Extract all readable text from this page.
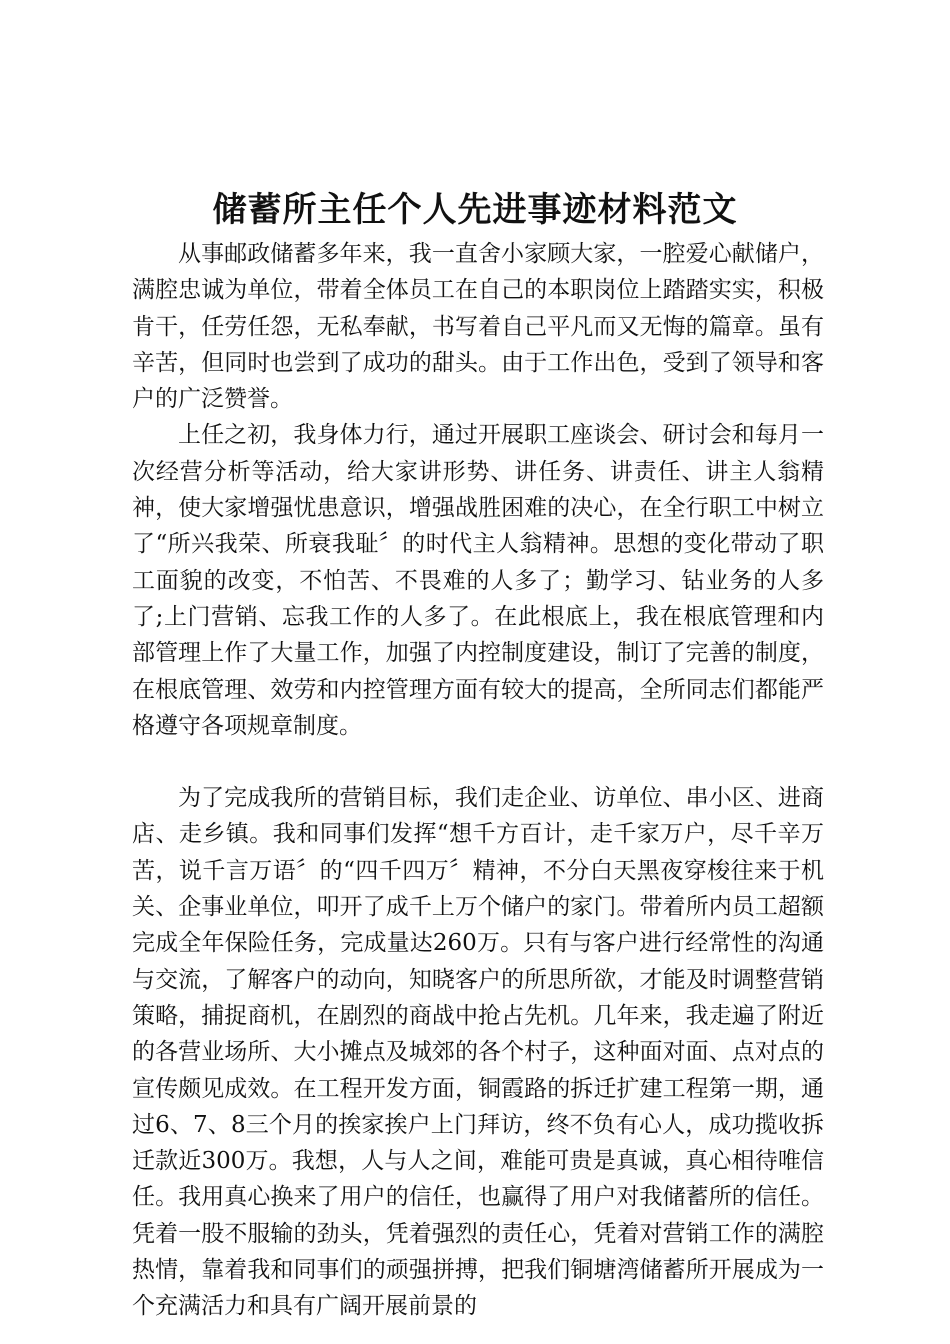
储蓄所主任个人先进事迹材料范文

从事邮政储蓄多年来，我一直舍小家顾大家，一腔爱心献储户，满腔忠诚为单位，带着全体员工在自己的本职岗位上踏踏实实，积极肯干，任劳任怨，无私奉献，书写着自己平凡而又无悔的篇章。虽有辛苦，但同时也尝到了成功的甜头。由于工作出色，受到了领导和客户的广泛赞誉。

上任之初，我身体力行，通过开展职工座谈会、研讨会和每月一次经营分析等活动，给大家讲形势、讲任务、讲责任、讲主人翁精神，使大家增强忧患意识，增强战胜困难的决心，在全行职工中树立了“所兴我荣、所衰我耻〞的时代主人翁精神。思想的变化带动了职工面貌的改变，不怕苦、不畏难的人多了；勤学习、钻业务的人多了;上门营销、忘我工作的人多了。在此根底上，我在根底管理和内部管理上作了大量工作，加强了内控制度建设，制订了完善的制度，在根底管理、效劳和内控管理方面有较大的提高，全所同志们都能严格遵守各项规章制度。

为了完成我所的营销目标，我们走企业、访单位、串小区、进商店、走乡镇。我和同事们发挥“想千方百计，走千家万户，尽千辛万苦，说千言万语〞的“四千四万〞精神，不分白天黑夜穿梭往来于机关、企事业单位，叩开了成千上万个储户的家门。带着所内员工超额完成全年保险任务，完成量达260万。只有与客户进行经常性的沟通与交流，了解客户的动向，知晓客户的所思所欲，才能及时调整营销策略，捕捉商机，在剧烈的商战中抢占先机。几年来，我走遍了附近的各营业场所、大小摊点及城郊的各个村子，这种面对面、点对点的宣传颇见成效。在工程开发方面，铜霞路的拆迁扩建工程第一期，通过6、7、8三个月的挨家挨户上门拜访，终不负有心人，成功揽收拆迁款近300万。我想，人与人之间，难能可贵是真诚，真心相待唯信任。我用真心换来了用户的信任，也赢得了用户对我储蓄所的信任。凭着一股不服输的劲头，凭着强烈的责任心，凭着对营销工作的满腔热情，靠着我和同事们的顽强拼搏，把我们铜塘湾储蓄所开展成为一个充满活力和具有广阔开展前景的
